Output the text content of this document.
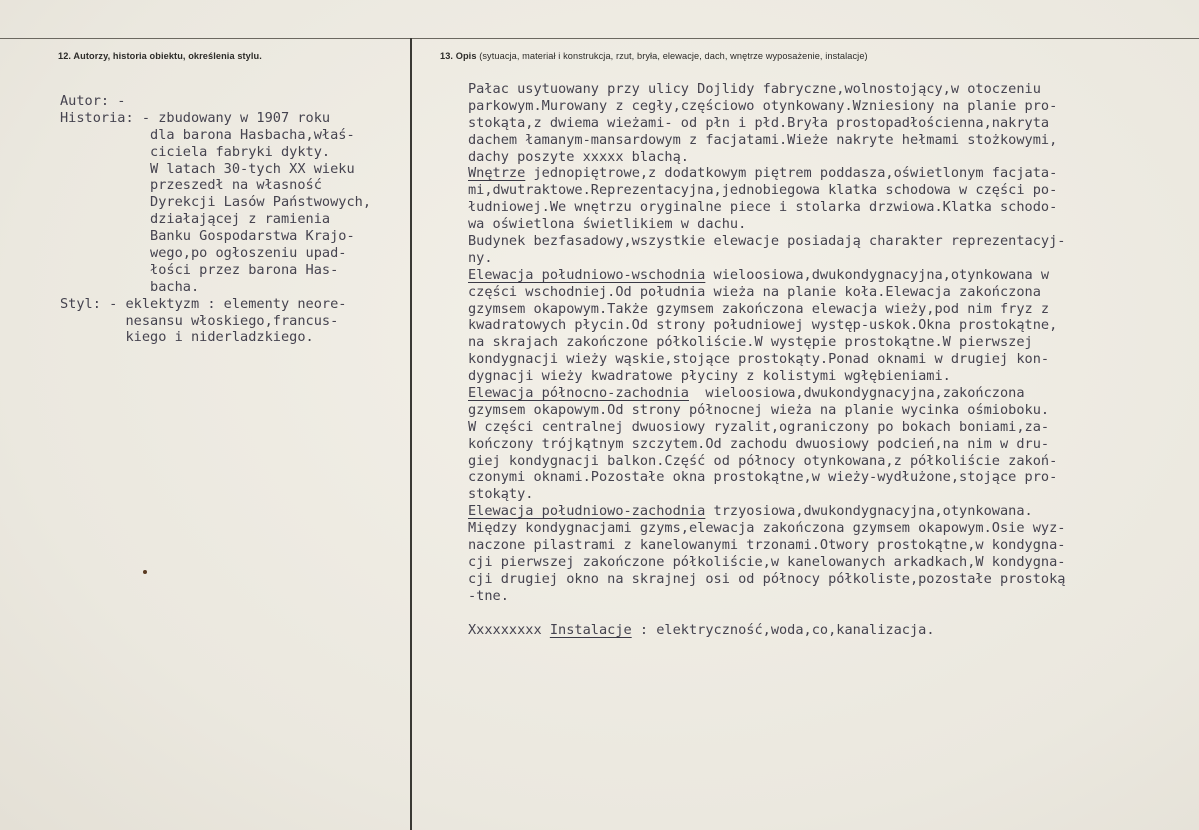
12. Autorzy, historia obiektu, określenia stylu.	13. Opis (sytuacja, materiał i konstrukcja, rzut, bryła, elewacje, dach, wnętrze wyposażenie, instalacje)
Autor: -
Historia: - zbudowany w 1907 roku
dla barona Hasbacha,właś-
ciciela fabryki dykty.
W latach 30-tych XX wieku
przeszedł na własność
Dyrekcji Lasów Państwowych,
działającej z ramienia
Banku Gospodarstwa Krajo-
wego,po ogłoszeniu upad-
łości przez barona Has-
bacha.
Styl: - eklektyzm : elementy neore-
nesansu włoskiego,francus-
kiego i niderladzkiego.
Pałac usytuowany przy ulicy Dojlidy fabryczne,wolnostojący,w otoczeniu
parkowym.Murowany z cegły,częściowo otynkowany.Wzniesiony na planie pro-
stokąta,z dwiema wieżami- od płn i płd.Bryła prostopadłościenna,nakryta
dachem łamanym-mansardowym z facjatami.Wieże nakryte hełmami stożkowymi,
dachy poszyte xxxxx blachą.
Wnętrze jednopiętrowe,z dodatkowym piętrem poddasza,oświetlonym facjata-
mi,dwutraktowe.Reprezentacyjna,jednobiegowa klatka schodowa w części po-
łudniowej.We wnętrzu oryginalne piece i stolarka drzwiowa.Klatka schodo-
wa oświetlona świetlikiem w dachu.
Budynek bezfasadowy,wszystkie elewacje posiadają charakter reprezentacyj-
ny.
Elewacja południowo-wschodnia wieloosiowa,dwukondygnacyjna,otynkowana w
części wschodniej.Od południa wieża na planie koła.Elewacja zakończona
gzymsem okapowym.Także gzymsem zakończona elewacja wieży,pod nim fryz z
kwadratowych płycin.Od strony południowej występ-uskok.Okna prostokątne,
na skrajach zakończone półkoliście.W występie prostokątne.W pierwszej
kondygnacji wieży wąskie,stojące prostokąty.Ponad oknami w drugiej kon-
dygnacji wieży kwadratowe płyciny z kolistymi wgłębieniami.
Elewacja północno-zachodnia  wieloosiowa,dwukondygnacyjna,zakończona
gzymsem okapowym.Od strony północnej wieża na planie wycinka ośmioboku.
W części centralnej dwuosiowy ryzalit,ograniczony po bokach boniami,za-
kończony trójkątnym szczytem.Od zachodu dwuosiowy podcień,na nim w dru-
giej kondygnacji balkon.Część od północy otynkowana,z półkoliście zakoń-
czonymi oknami.Pozostałe okna prostokątne,w wieży-wydłużone,stojące pro-
stokąty.
Elewacja południowo-zachodnia trzyosiowa,dwukondygnacyjna,otynkowana.
Między kondygnacjami gzyms,elewacja zakończona gzymsem okapowym.Osie wyz-
naczone pilastrami z kanelowanymi trzonami.Otwory prostokątne,w kondygna-
cji pierwszej zakończone półkoliście,w kanelowanych arkadkach,W kondygna-
cji drugiej okno na skrajnej osi od północy półkoliste,pozostałe prostoką
-tne.
Xxxxxxxxx Instalacje : elektryczność,woda,co,kanalizacja.
